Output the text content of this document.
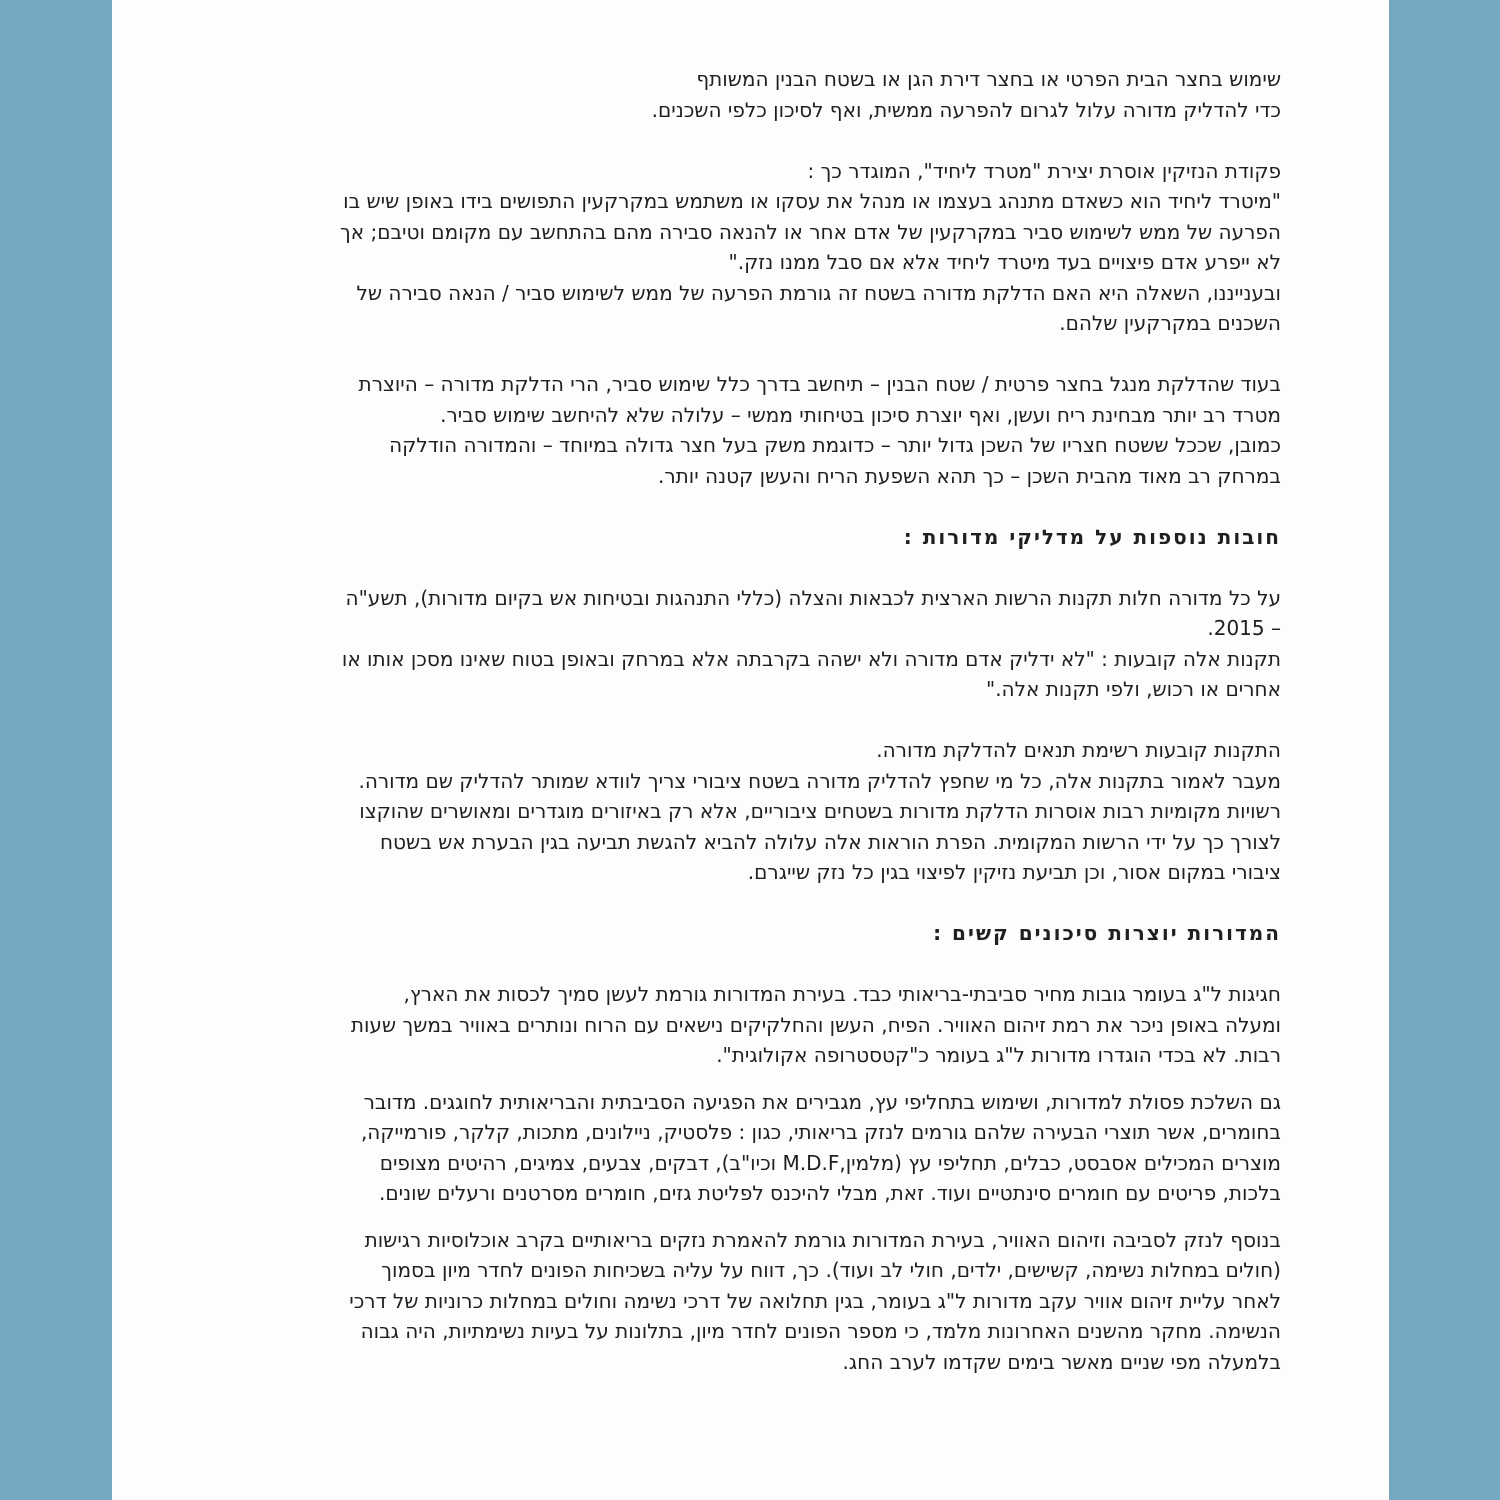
שימוש בחצר הבית הפרטי או בחצר דירת הגן או בשטח הבנין המשותף

כדי להדליק מדורה עלול לגרום להפרעה ממשית, ואף לסיכון כלפי השכנים.

פקודת הנזיקין אוסרת יצירת "מטרד ליחיד", המוגדר כך :

"מיטרד ליחיד הוא כשאדם מתנהג בעצמו או מנהל את עסקו או משתמש במקרקעין התפושים בידו באופן שיש בו

הפרעה של ממש לשימוש סביר במקרקעין של אדם אחר או להנאה סבירה מהם בהתחשב עם מקומם וטיבם; אך

לא ייפרע אדם פיצויים בעד מיטרד ליחיד אלא אם סבל ממנו נזק."

ובענייננו, השאלה היא האם הדלקת מדורה בשטח זה גורמת הפרעה של ממש לשימוש סביר / הנאה סבירה של

השכנים במקרקעין שלהם.

בעוד שהדלקת מנגל בחצר פרטית / שטח הבנין – תיחשב בדרך כלל שימוש סביר, הרי הדלקת מדורה – היוצרת

מטרד רב יותר מבחינת ריח ועשן, ואף יוצרת סיכון בטיחותי ממשי – עלולה שלא להיחשב שימוש סביר.

כמובן, שככל ששטח חצריו של השכן גדול יותר – כדוגמת משק בעל חצר גדולה במיוחד – והמדורה הודלקה

במרחק רב מאוד מהבית השכן – כך תהא השפעת הריח והעשן קטנה יותר.

חובות נוספות על מדליקי מדורות :

על כל מדורה חלות תקנות הרשות הארצית לכבאות והצלה (כללי התנהגות ובטיחות אש בקיום מדורות), תשע"ה

– 2015.

תקנות אלה קובעות : "לא ידליק אדם מדורה ולא ישהה בקרבתה אלא במרחק ובאופן בטוח שאינו מסכן אותו או

אחרים או רכוש, ולפי תקנות אלה."

התקנות קובעות רשימת תנאים להדלקת מדורה.

מעבר לאמור בתקנות אלה, כל מי שחפץ להדליק מדורה בשטח ציבורי צריך לוודא שמותר להדליק שם מדורה.

רשויות מקומיות רבות אוסרות הדלקת מדורות בשטחים ציבוריים, אלא רק באיזורים מוגדרים ומאושרים שהוקצו

לצורך כך על ידי הרשות המקומית. הפרת הוראות אלה עלולה להביא להגשת תביעה בגין הבערת אש בשטח

ציבורי במקום אסור, וכן תביעת נזיקין לפיצוי בגין כל נזק שייגרם.

המדורות יוצרות סיכונים קשים :

חגיגות ל"ג בעומר גובות מחיר סביבתי-בריאותי כבד. בעירת המדורות גורמת לעשן סמיך לכסות את הארץ,

ומעלה באופן ניכר את רמת זיהום האוויר. הפיח, העשן והחלקיקים נישאים עם הרוח ונותרים באוויר במשך שעות

רבות. לא בכדי הוגדרו מדורות ל"ג בעומר כ"קטסטרופה אקולוגית".

גם השלכת פסולת למדורות, ושימוש בתחליפי עץ, מגבירים את הפגיעה הסביבתית והבריאותית לחוגגים. מדובר

בחומרים, אשר תוצרי הבעירה שלהם גורמים לנזק בריאותי, כגון : פלסטיק, ניילונים, מתכות, קלקר, פורמייקה,

מוצרים המכילים אסבסט, כבלים, תחליפי עץ (מלמין,M.D.F וכיו"ב), דבקים, צבעים, צמיגים, רהיטים מצופים

בלכות, פריטים עם חומרים סינתטיים ועוד. זאת, מבלי להיכנס לפליטת גזים, חומרים מסרטנים ורעלים שונים.

בנוסף לנזק לסביבה וזיהום האוויר, בעירת המדורות גורמת להאמרת נזקים בריאותיים בקרב אוכלוסיות רגישות

(חולים במחלות נשימה, קשישים, ילדים, חולי לב ועוד). כך, דווח על עליה בשכיחות הפונים לחדר מיון בסמוך

לאחר עליית זיהום אוויר עקב מדורות ל"ג בעומר, בגין תחלואה של דרכי נשימה וחולים במחלות כרוניות של דרכי

הנשימה. מחקר מהשנים האחרונות מלמד, כי מספר הפונים לחדר מיון, בתלונות על בעיות נשימתיות, היה גבוה

בלמעלה מפי שניים מאשר בימים שקדמו לערב החג.
